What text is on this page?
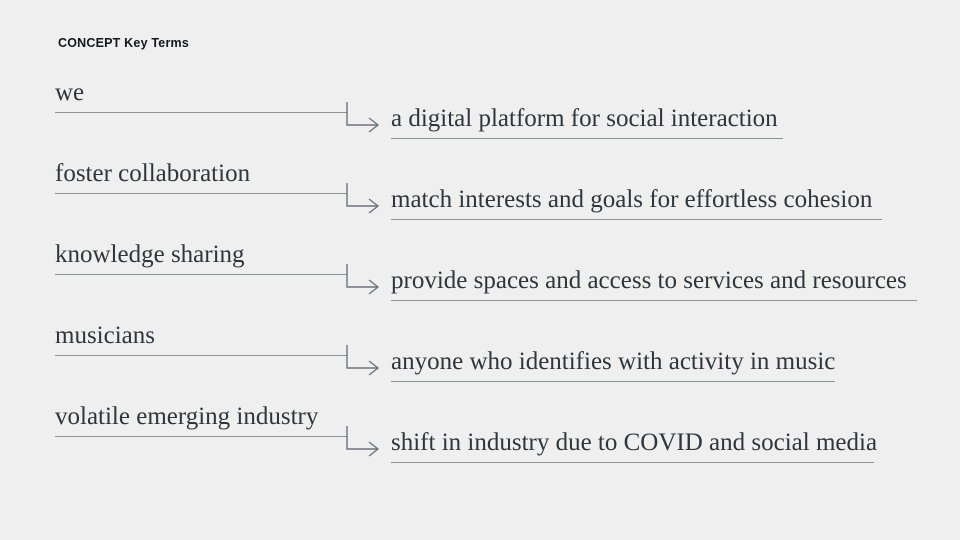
CONCEPT Key Terms
we
a digital platform for social interaction
foster collaboration
match interests and goals for effortless cohesion
knowledge sharing
provide spaces and access to services and resources
musicians
anyone who identifies with activity in music
volatile emerging industry
shift in industry due to COVID and social media
